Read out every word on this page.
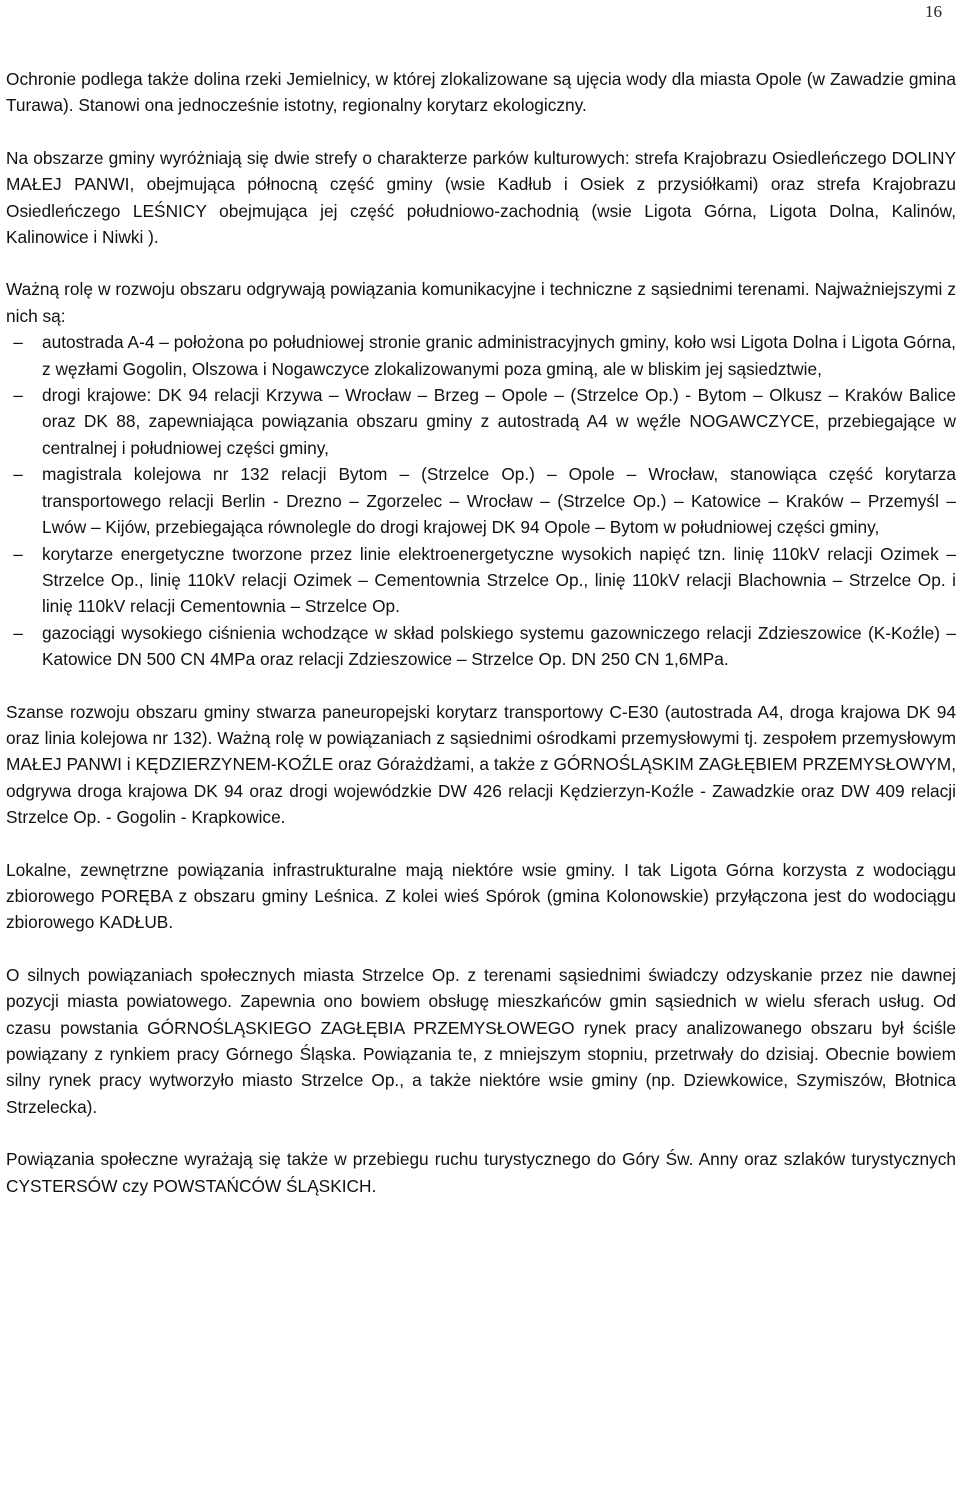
16

Ochronie podlega także dolina rzeki Jemielnicy, w której zlokalizowane są ujęcia wody dla miasta Opole (w Zawadzie gmina Turawa). Stanowi ona jednocześnie istotny, regionalny korytarz ekologiczny.

Na obszarze gminy wyróżniają się dwie strefy o charakterze parków kulturowych: strefa Krajobrazu Osiedleńczego DOLINY MAŁEJ PANWI, obejmująca północną część gminy (wsie Kadłub i Osiek z przysiółkami) oraz strefa Krajobrazu Osiedleńczego LEŚNICY obejmująca jej część południowo-zachodnią (wsie Ligota Górna, Ligota Dolna, Kalinów, Kalinowice i Niwki ).

Ważną rolę w rozwoju obszaru odgrywają powiązania komunikacyjne i techniczne z sąsiednimi terenami. Najważniejszymi z nich są:

– autostrada A-4 – położona po południowej stronie granic administracyjnych gminy, koło wsi Ligota Dolna i Ligota Górna, z węzłami Gogolin, Olszowa i Nogawczyce zlokalizowanymi poza gminą, ale w bliskim jej sąsiedztwie,
– drogi krajowe: DK 94 relacji Krzywa – Wrocław – Brzeg – Opole – (Strzelce Op.) - Bytom – Olkusz – Kraków Balice oraz DK 88, zapewniająca powiązania obszaru gminy z autostradą A4 w węźle NOGAWCZYCE, przebiegające w centralnej i południowej części gminy,
– magistrala kolejowa nr 132 relacji Bytom – (Strzelce Op.) – Opole – Wrocław, stanowiąca część korytarza transportowego relacji Berlin - Drezno – Zgorzelec – Wrocław – (Strzelce Op.) – Katowice – Kraków – Przemyśl – Lwów – Kijów, przebiegająca równolegle do drogi krajowej DK 94 Opole – Bytom w południowej części gminy,
– korytarze energetyczne tworzone przez linie elektroenergetyczne wysokich napięć tzn. linię 110kV relacji Ozimek – Strzelce Op., linię 110kV relacji Ozimek – Cementownia Strzelce Op., linię 110kV relacji Blachownia – Strzelce Op. i linię 110kV relacji Cementownia – Strzelce Op.
– gazociągi wysokiego ciśnienia wchodzące w skład polskiego systemu gazowniczego relacji Zdzieszowice (K-Koźle) – Katowice DN 500 CN 4MPa oraz relacji Zdzieszowice – Strzelce Op. DN 250 CN 1,6MPa.

Szanse rozwoju obszaru gminy stwarza paneuropejski korytarz transportowy C-E30 (autostrada A4, droga krajowa DK 94 oraz linia kolejowa nr 132). Ważną rolę w powiązaniach z sąsiednimi ośrodkami przemysłowymi tj. zespołem przemysłowym MAŁEJ PANWI i KĘDZIERZYNEM-KOŹLE oraz Górażdżami, a także z GÓRNOŚLĄSKIM ZAGŁĘBIEM PRZEMYSŁOWYM, odgrywa droga krajowa DK 94 oraz drogi wojewódzkie DW 426 relacji Kędzierzyn-Koźle - Zawadzkie oraz DW 409 relacji Strzelce Op. - Gogolin - Krapkowice.

Lokalne, zewnętrzne powiązania infrastrukturalne mają niektóre wsie gminy. I tak Ligota Górna korzysta z wodociągu zbiorowego PORĘBA z obszaru gminy Leśnica. Z kolei wieś Spórok (gmina Kolonowskie) przyłączona jest do wodociągu zbiorowego KADŁUB.

O silnych powiązaniach społecznych miasta Strzelce Op. z terenami sąsiednimi świadczy odzyskanie przez nie dawnej pozycji miasta powiatowego. Zapewnia ono bowiem obsługę mieszkańców gmin sąsiednich w wielu sferach usług. Od czasu powstania GÓRNOŚLĄSKIEGO ZAGŁĘBIA PRZEMYSŁOWEGO rynek pracy analizowanego obszaru był ściśle powiązany z rynkiem pracy Górnego Śląska. Powiązania te, z mniejszym stopniu, przetrwały do dzisiaj. Obecnie bowiem silny rynek pracy wytworzyło miasto Strzelce Op., a także niektóre wsie gminy (np. Dziewkowice, Szymiszów, Błotnica Strzelecka).

Powiązania społeczne wyrażają się także w przebiegu ruchu turystycznego do Góry Św. Anny oraz szlaków turystycznych CYSTERSÓW czy POWSTAŃCÓW ŚLĄSKICH.
